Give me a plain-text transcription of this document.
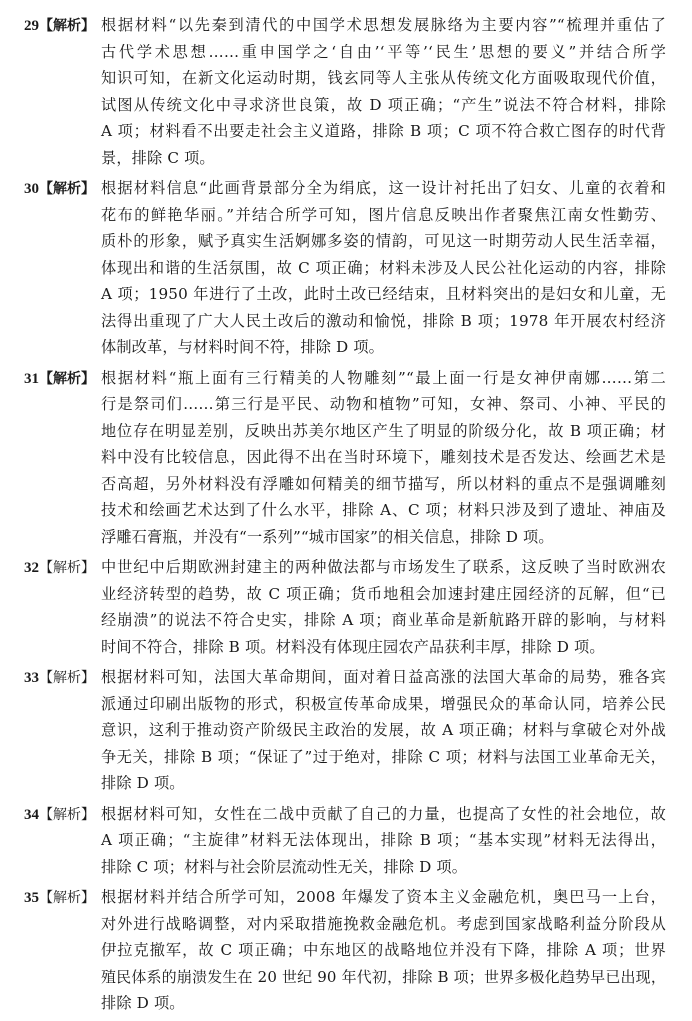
29【解析】 根据材料“以先秦到清代的中国学术思想发展脉络为主要内容”“梳理并重估了
古代学术思想……重申国学之‘自由’‘平等’‘民生’思想的要义”并结合所学
知识可知，在新文化运动时期，钱玄同等人主张从传统文化方面吸取现代价值，
试图从传统文化中寻求济世良策，故 D 项正确；“产生”说法不符合材料，排除
A 项；材料看不出要走社会主义道路，排除 B 项；C 项不符合救亡图存的时代背
景，排除 C 项。
30【解析】 根据材料信息“此画背景部分全为绢底，这一设计衬托出了妇女、儿童的衣着和
花布的鲜艳华丽。”并结合所学可知，图片信息反映出作者聚焦江南女性勤劳、
质朴的形象，赋予真实生活婀娜多姿的情韵，可见这一时期劳动人民生活幸福，
体现出和谐的生活氛围，故 C 项正确；材料未涉及人民公社化运动的内容，排除
A 项；1950 年进行了土改，此时土改已经结束，且材料突出的是妇女和儿童，无
法得出重现了广大人民土改后的激动和愉悦，排除 B 项；1978 年开展农村经济
体制改革，与材料时间不符，排除 D 项。
31【解析】 根据材料“瓶上面有三行精美的人物雕刻”“最上面一行是女神伊南娜……第二
行是祭司们……第三行是平民、动物和植物”可知，女神、祭司、小神、平民的
地位存在明显差别，反映出苏美尔地区产生了明显的阶级分化，故 B 项正确；材
料中没有比较信息，因此得不出在当时环境下，雕刻技术是否发达、绘画艺术是
否高超，另外材料没有浮雕如何精美的细节描写，所以材料的重点不是强调雕刻
技术和绘画艺术达到了什么水平，排除 A、C 项；材料只涉及到了遗址、神庙及
浮雕石膏瓶，并没有“一系列”“城市国家”的相关信息，排除 D 项。
32【解析】 中世纪中后期欧洲封建主的两种做法都与市场发生了联系，这反映了当时欧洲农
业经济转型的趋势，故 C 项正确；货币地租会加速封建庄园经济的瓦解，但“已
经崩溃”的说法不符合史实，排除 A 项；商业革命是新航路开辟的影响，与材料
时间不符合，排除 B 项。材料没有体现庄园农产品获利丰厚，排除 D 项。
33【解析】 根据材料可知，法国大革命期间，面对着日益高涨的法国大革命的局势，雅各宾
派通过印刷出版物的形式，积极宣传革命成果，增强民众的革命认同，培养公民
意识，这利于推动资产阶级民主政治的发展，故 A 项正确；材料与拿破仑对外战
争无关，排除 B 项；“保证了”过于绝对，排除 C 项；材料与法国工业革命无关，
排除 D 项。
34【解析】 根据材料可知，女性在二战中贡献了自己的力量，也提高了女性的社会地位，故
A 项正确；“主旋律”材料无法体现出，排除 B 项；“基本实现”材料无法得出，
排除 C 项；材料与社会阶层流动性无关，排除 D 项。
35【解析】 根据材料并结合所学可知，2008 年爆发了资本主义金融危机，奥巴马一上台，
对外进行战略调整，对内采取措施挽救金融危机。考虑到国家战略利益分阶段从
伊拉克撤军，故 C 项正确；中东地区的战略地位并没有下降，排除 A 项；世界
殖民体系的崩溃发生在 20 世纪 90 年代初，排除 B 项；世界多极化趋势早已出现，
排除 D 项。
